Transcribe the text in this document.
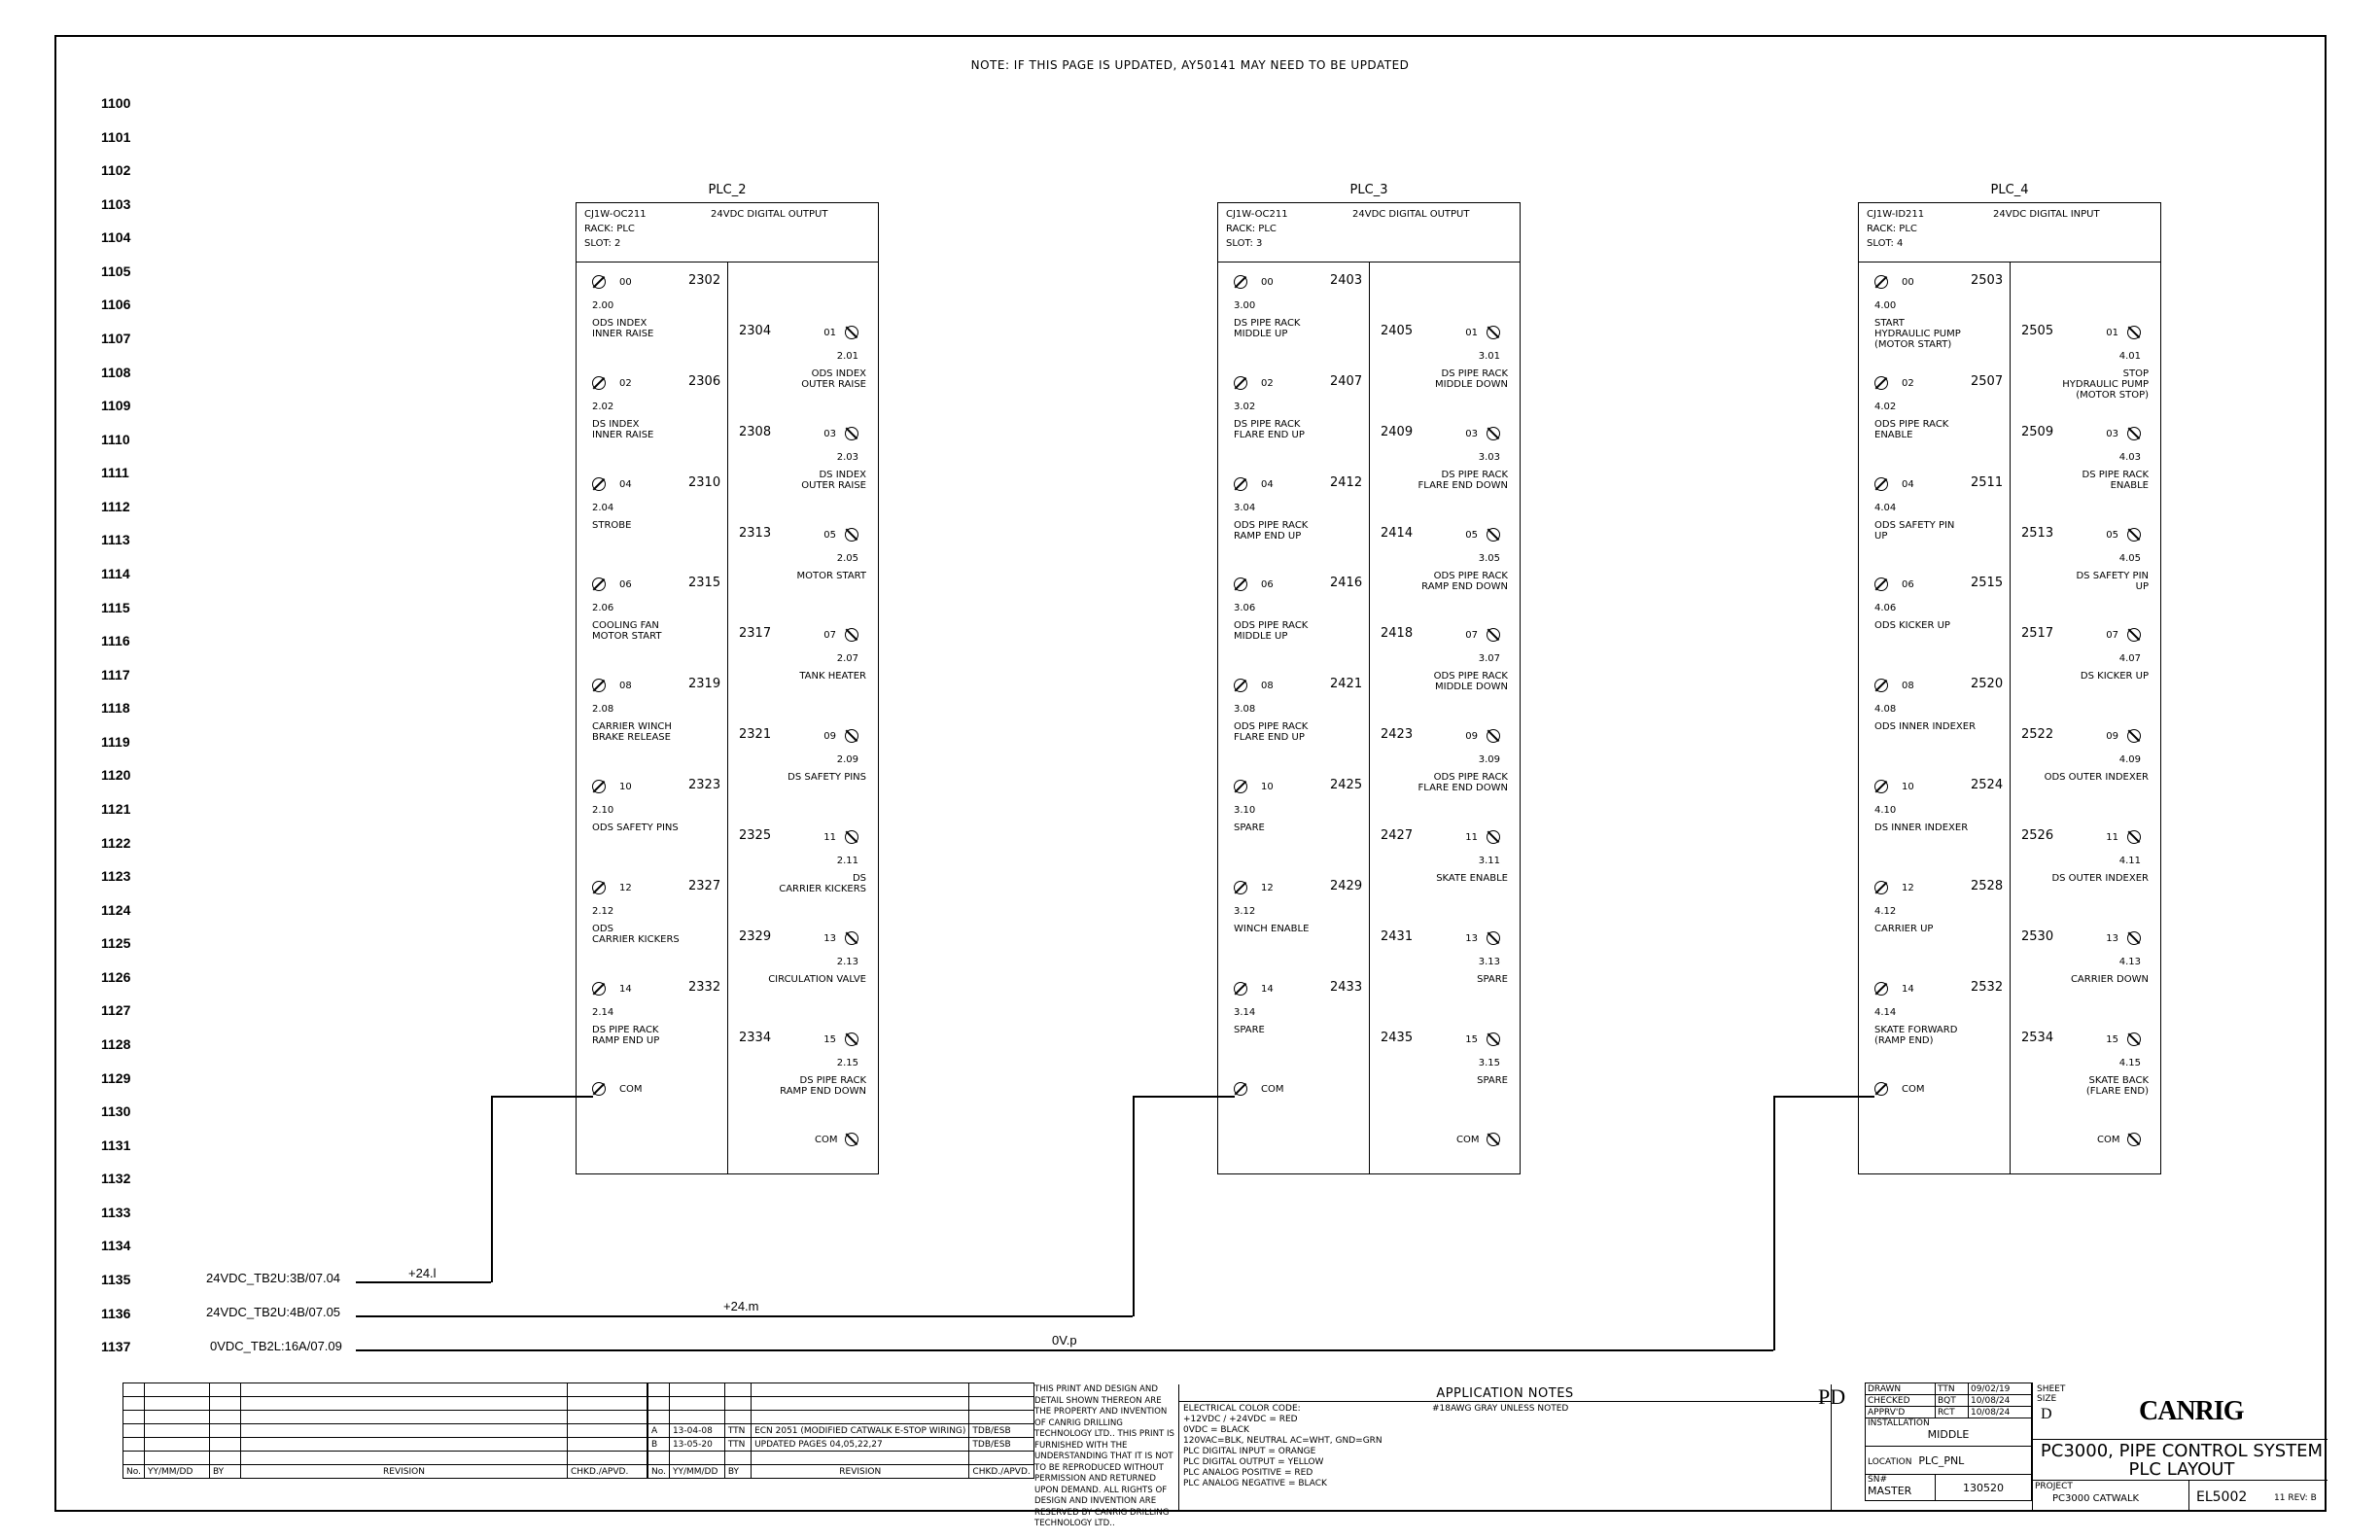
NOTE: IF THIS PAGE IS UPDATED, AY50141 MAY NEED TO BE UPDATED
1100
1101
1102
1103
1104
1105
1106
1107
1108
1109
1110
1111
1112
1113
1114
1115
1116
1117
1118
1119
1120
1121
1122
1123
1124
1125
1126
1127
1128
1129
1130
1131
1132
1133
1134
1135
1136
1137
PLC_2
CJ1W-OC211	24VDC DIGITAL OUTPUT
RACK: PLC
SLOT: 2
00	2302
2.00
ODS INDEX
INNER RAISE
02	2306
2.02
DS INDEX
INNER RAISE
04	2310
2.04
STROBE
06	2315
2.06
COOLING FAN
MOTOR START
08	2319
2.08
CARRIER WINCH
BRAKE RELEASE
10	2323
2.10
ODS SAFETY PINS
12	2327
2.12
ODS
CARRIER KICKERS
14	2332
2.14
DS PIPE RACK
RAMP END UP
01
2304
2.01
ODS INDEX
OUTER RAISE
03
2308
2.03
DS INDEX
OUTER RAISE
05
2313
2.05
MOTOR START
07
2317
2.07
TANK HEATER
09
2321
2.09
DS SAFETY PINS
11
2325
2.11
DS
CARRIER KICKERS
13
2329
2.13
CIRCULATION VALVE
15
2334
2.15
DS PIPE RACK
RAMP END DOWN
COM
COM
PLC_3
CJ1W-OC211	24VDC DIGITAL OUTPUT
RACK: PLC
SLOT: 3
00	2403
3.00
DS PIPE RACK
MIDDLE UP
02	2407
3.02
DS PIPE RACK
FLARE END UP
04	2412
3.04
ODS PIPE RACK
RAMP END UP
06	2416
3.06
ODS PIPE RACK
MIDDLE UP
08	2421
3.08
ODS PIPE RACK
FLARE END UP
10	2425
3.10
SPARE
12	2429
3.12
WINCH ENABLE
14	2433
3.14
SPARE
01
2405
3.01
DS PIPE RACK
MIDDLE DOWN
03
2409
3.03
DS PIPE RACK
FLARE END DOWN
05
2414
3.05
ODS PIPE RACK
RAMP END DOWN
07
2418
3.07
ODS PIPE RACK
MIDDLE DOWN
09
2423
3.09
ODS PIPE RACK
FLARE END DOWN
11
2427
3.11
SKATE ENABLE
13
2431
3.13
SPARE
15
2435
3.15
SPARE
COM
COM
PLC_4
CJ1W-ID211	24VDC DIGITAL INPUT
RACK: PLC
SLOT: 4
00	2503
4.00
START
HYDRAULIC PUMP
(MOTOR START)
02	2507
4.02
ODS PIPE RACK
ENABLE
04	2511
4.04
ODS SAFETY PIN
UP
06	2515
4.06
ODS KICKER UP
08	2520
4.08
ODS INNER INDEXER
10	2524
4.10
DS INNER INDEXER
12	2528
4.12
CARRIER UP
14	2532
4.14
SKATE FORWARD
(RAMP END)
01
2505
4.01
STOP
HYDRAULIC PUMP
(MOTOR STOP)
03
2509
4.03
DS PIPE RACK
ENABLE
05
2513
4.05
DS SAFETY PIN
UP
07
2517
4.07
DS KICKER UP
09
2522
4.09
ODS OUTER INDEXER
11
2526
4.11
DS OUTER INDEXER
13
2530
4.13
CARRIER DOWN
15
2534
4.15
SKATE BACK
(FLARE END)
COM
COM
24VDC_TB2U:3B/07.04	+24.l
24VDC_TB2U:4B/07.05	+24.m
0VDC_TB2L:16A/07.09	0V.p

No.	YY/MM/DD	BY	REVISION	CHKD./APVD.

A	13-04-08	TTN	ECN 2051 (MODIFIED CATWALK E-STOP WIRING)	TDB/ESB
B	13-05-20	TTN	UPDATED PAGES 04,05,22,27	TDB/ESB

No.	YY/MM/DD	BY	REVISION	CHKD./APVD.
THIS PRINT AND DESIGN AND DETAIL SHOWN THEREON ARE THE PROPERTY AND INVENTION OF CANRIG DRILLING TECHNOLOGY LTD.. THIS PRINT IS FURNISHED WITH THE UNDERSTANDING THAT IT IS NOT TO BE REPRODUCED WITHOUT PERMISSION AND RETURNED UPON DEMAND. ALL RIGHTS OF DESIGN AND INVENTION ARE RESERVED BY CANRIG DRILLING TECHNOLOGY LTD..
APPLICATION NOTES
ELECTRICAL COLOR CODE:
+12VDC / +24VDC = RED
0VDC = BLACK
120VAC=BLK, NEUTRAL AC=WHT, GND=GRN
PLC DIGITAL INPUT = ORANGE
PLC DIGITAL OUTPUT = YELLOW
PLC ANALOG POSITIVE = RED
PLC ANALOG NEGATIVE = BLACK
#18AWG GRAY UNLESS NOTED	PD	DRAWN	TTN	09/02/19
CHECKED	BQT	10/08/24
APPRV'D	RCT	10/08/24

INSTALLATION
MIDDLE		

LOCATION PLC_PNL		

SN#
MASTER	130520	
SHEET SIZE
D
PROJECT
PC3000 CATWALK	EL5002	11 REV: B
CANRIG
PC3000, PIPE CONTROL SYSTEM
PLC LAYOUT
